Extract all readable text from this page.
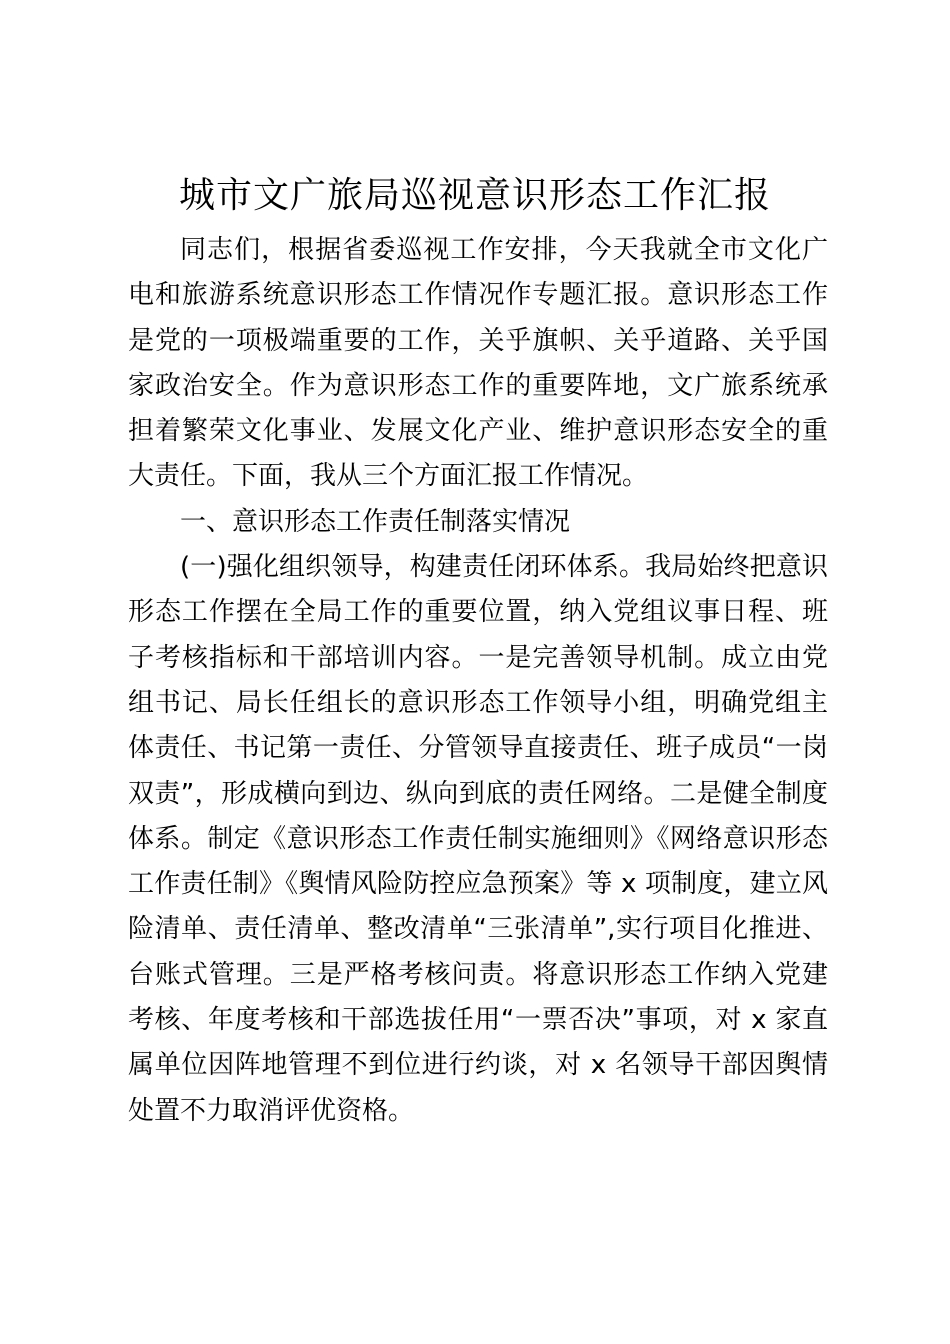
城市文广旅局巡视意识形态工作汇报

同志们，根据省委巡视工作安排，今天我就全市文化广电和旅游系统意识形态工作情况作专题汇报。意识形态工作是党的一项极端重要的工作，关乎旗帜、关乎道路、关乎国家政治安全。作为意识形态工作的重要阵地，文广旅系统承担着繁荣文化事业、发展文化产业、维护意识形态安全的重大责任。下面，我从三个方面汇报工作情况。

一、意识形态工作责任制落实情况

(一)强化组织领导，构建责任闭环体系。我局始终把意识形态工作摆在全局工作的重要位置，纳入党组议事日程、班子考核指标和干部培训内容。一是完善领导机制。成立由党组书记、局长任组长的意识形态工作领导小组，明确党组主体责任、书记第一责任、分管领导直接责任、班子成员“一岗双责”，形成横向到边、纵向到底的责任网络。二是健全制度体系。制定《意识形态工作责任制实施细则》《网络意识形态工作责任制》《舆情风险防控应急预案》等 x 项制度，建立风险清单、责任清单、整改清单“三张清单”,实行项目化推进、台账式管理。三是严格考核问责。将意识形态工作纳入党建考核、年度考核和干部选拔任用“一票否决”事项，对 x 家直属单位因阵地管理不到位进行约谈，对 x 名领导干部因舆情处置不力取消评优资格。
